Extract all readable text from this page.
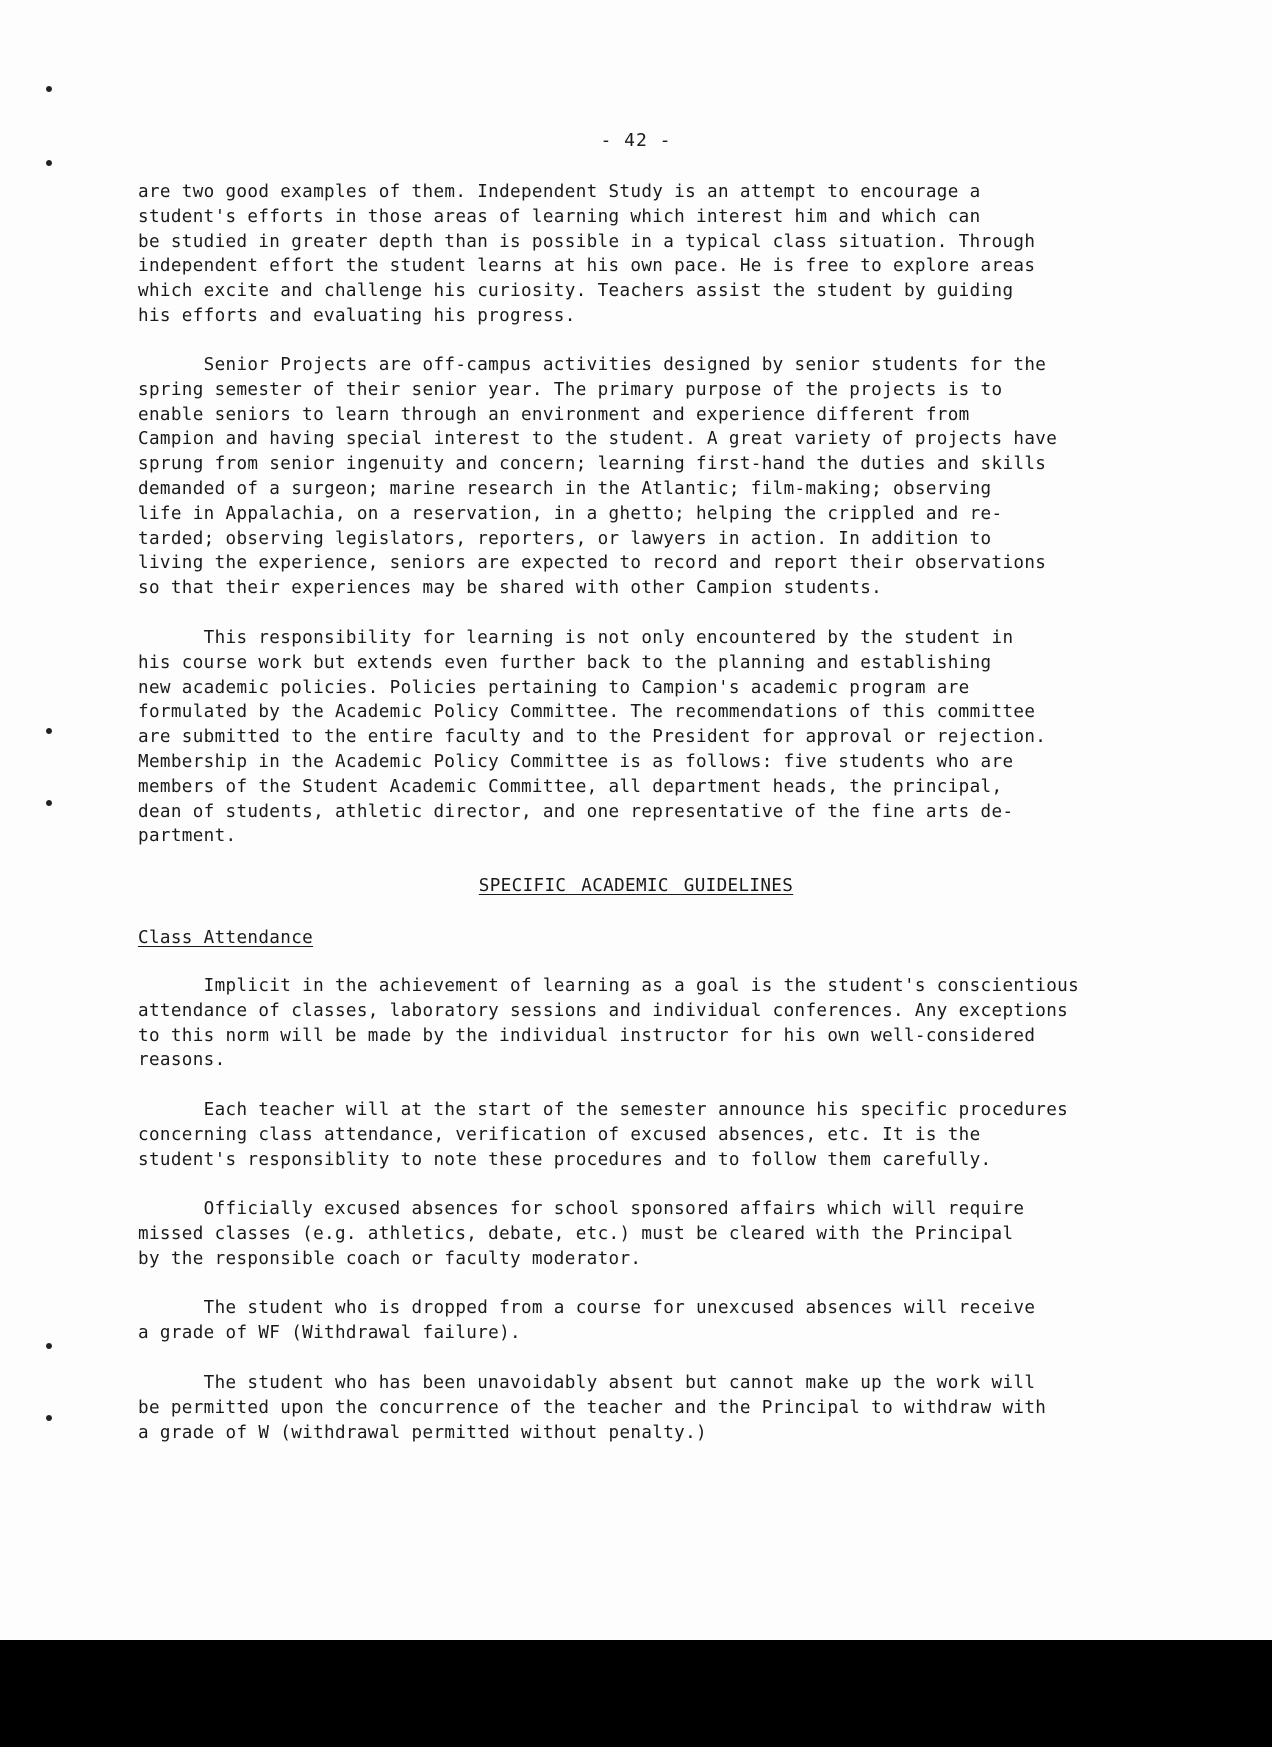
- 42 -

are two good examples of them. Independent Study is an attempt to encourage a
student's efforts in those areas of learning which interest him and which can
be studied in greater depth than is possible in a typical class situation. Through
independent effort the student learns at his own pace. He is free to explore areas
which excite and challenge his curiosity. Teachers assist the student by guiding
his efforts and evaluating his progress.

Senior Projects are off-campus activities designed by senior students for the
spring semester of their senior year. The primary purpose of the projects is to
enable seniors to learn through an environment and experience different from
Campion and having special interest to the student. A great variety of projects have
sprung from senior ingenuity and concern; learning first-hand the duties and skills
demanded of a surgeon; marine research in the Atlantic; film-making; observing
life in Appalachia, on a reservation, in a ghetto; helping the crippled and re-
tarded; observing legislators, reporters, or lawyers in action. In addition to
living the experience, seniors are expected to record and report their observations
so that their experiences may be shared with other Campion students.

This responsibility for learning is not only encountered by the student in
his course work but extends even further back to the planning and establishing
new academic policies. Policies pertaining to Campion's academic program are
formulated by the Academic Policy Committee. The recommendations of this committee
are submitted to the entire faculty and to the President for approval or rejection.
Membership in the Academic Policy Committee is as follows: five students who are
members of the Student Academic Committee, all department heads, the principal,
dean of students, athletic director, and one representative of the fine arts de-
partment.

SPECIFIC ACADEMIC GUIDELINES
Class Attendance

Implicit in the achievement of learning as a goal is the student's conscientious
attendance of classes, laboratory sessions and individual conferences. Any exceptions
to this norm will be made by the individual instructor for his own well-considered
reasons.

Each teacher will at the start of the semester announce his specific procedures
concerning class attendance, verification of excused absences, etc. It is the
student's responsiblity to note these procedures and to follow them carefully.

Officially excused absences for school sponsored affairs which will require
missed classes (e.g. athletics, debate, etc.) must be cleared with the Principal
by the responsible coach or faculty moderator.

The student who is dropped from a course for unexcused absences will receive
a grade of WF (Withdrawal failure).

The student who has been unavoidably absent but cannot make up the work will
be permitted upon the concurrence of the teacher and the Principal to withdraw with
a grade of W (withdrawal permitted without penalty.)
